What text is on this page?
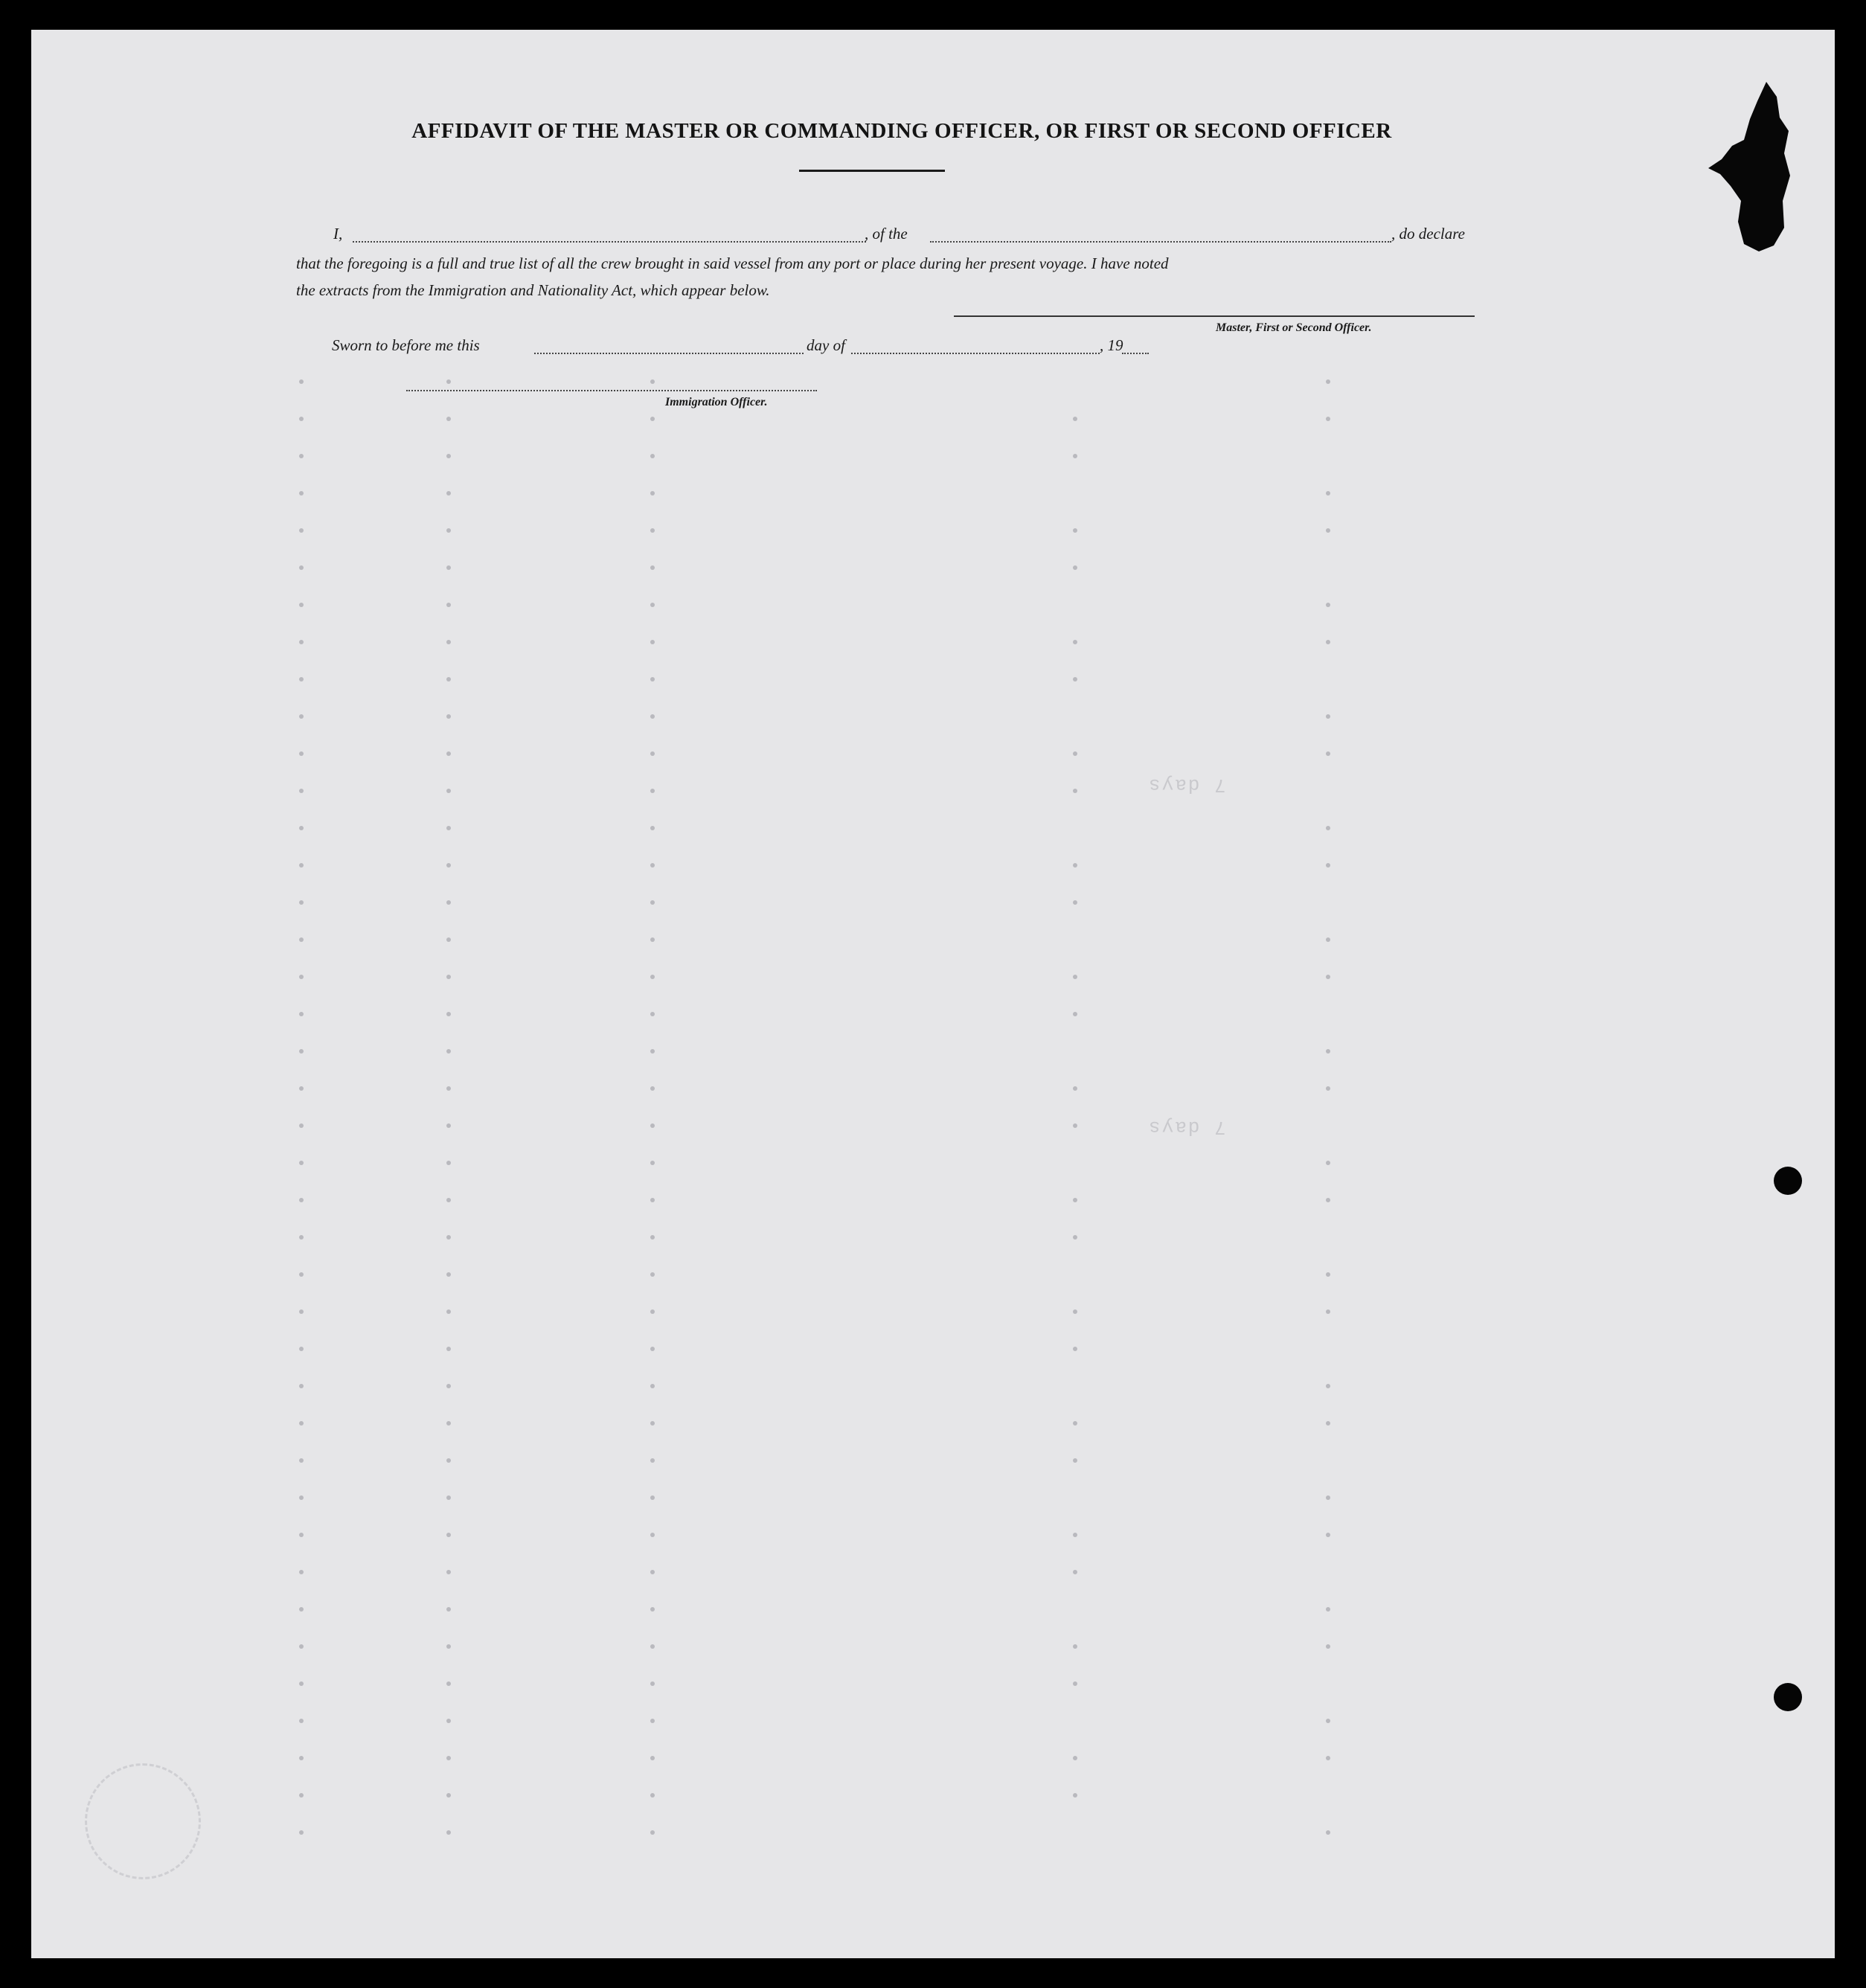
7 days
7 days
AFFIDAVIT OF THE MASTER OR COMMANDING OFFICER, OR FIRST OR SECOND OFFICER
I,	, of the	, do declare
that the foregoing is a full and true list of all the crew brought in said vessel from any port or place during her present voyage. I have noted
the extracts from the Immigration and Nationality Act, which appear below.
Master, First or Second Officer.
Sworn to before me this	day of	, 19
Immigration Officer.
